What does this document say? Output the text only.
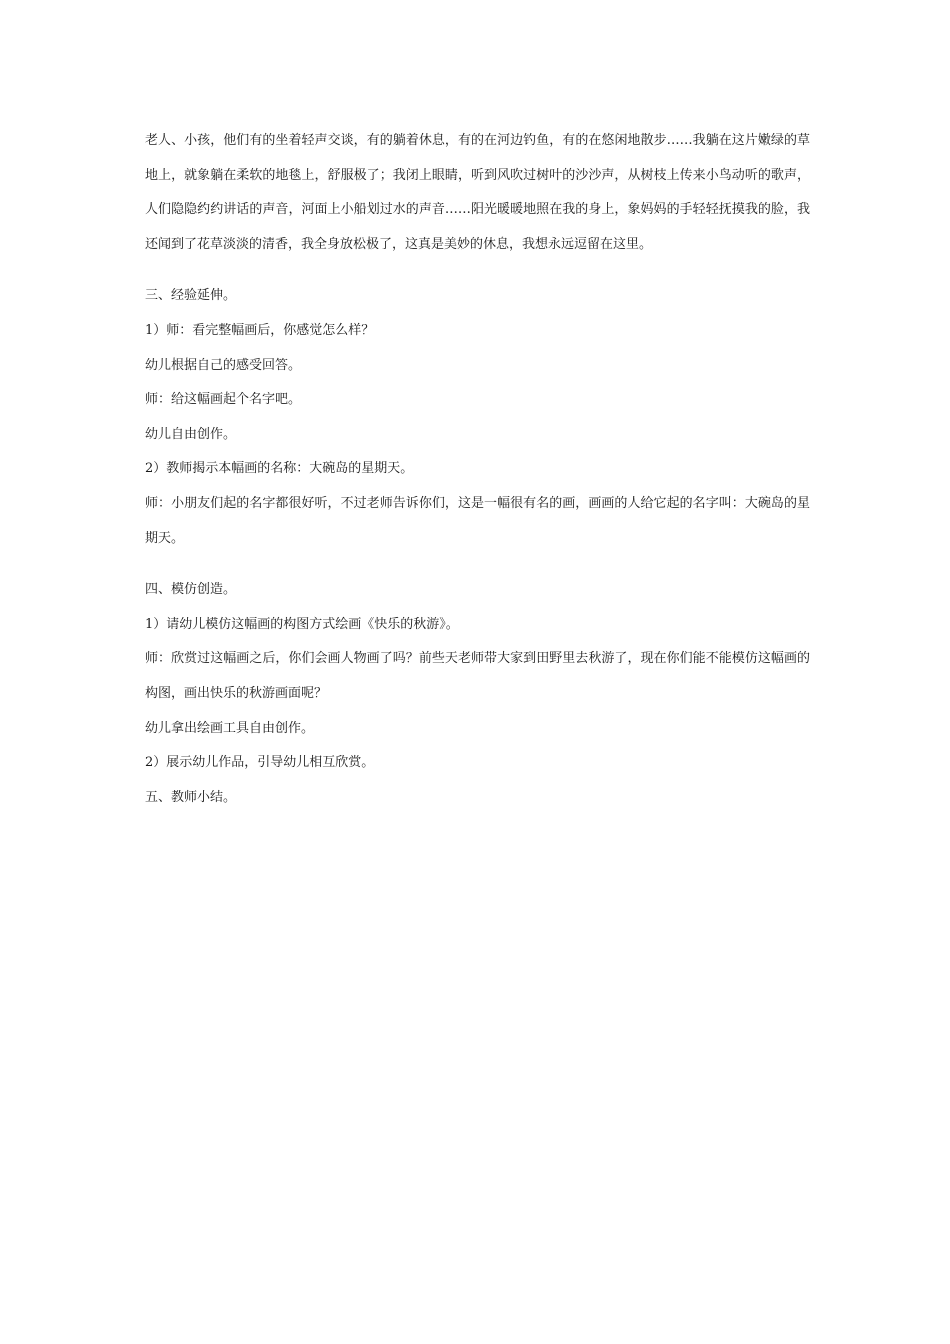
老人、小孩，他们有的坐着轻声交谈，有的躺着休息，有的在河边钓鱼，有的在悠闲地散步……我躺在这片嫩绿的草地上，就象躺在柔软的地毯上，舒服极了；我闭上眼睛，听到风吹过树叶的沙沙声，从树枝上传来小鸟动听的歌声，人们隐隐约约讲话的声音，河面上小船划过水的声音……阳光暖暖地照在我的身上，象妈妈的手轻轻抚摸我的脸，我还闻到了花草淡淡的清香，我全身放松极了，这真是美妙的休息，我想永远逗留在这里。

三、经验延伸。

1）师：看完整幅画后，你感觉怎么样？

幼儿根据自己的感受回答。

师：给这幅画起个名字吧。

幼儿自由创作。

2）教师揭示本幅画的名称：大碗岛的星期天。

师：小朋友们起的名字都很好听，不过老师告诉你们，这是一幅很有名的画，画画的人给它起的名字叫：大碗岛的星期天。

四、模仿创造。

1）请幼儿模仿这幅画的构图方式绘画《快乐的秋游》。

师：欣赏过这幅画之后，你们会画人物画了吗？前些天老师带大家到田野里去秋游了，现在你们能不能模仿这幅画的构图，画出快乐的秋游画面呢？

幼儿拿出绘画工具自由创作。

2）展示幼儿作品，引导幼儿相互欣赏。

五、教师小结。
